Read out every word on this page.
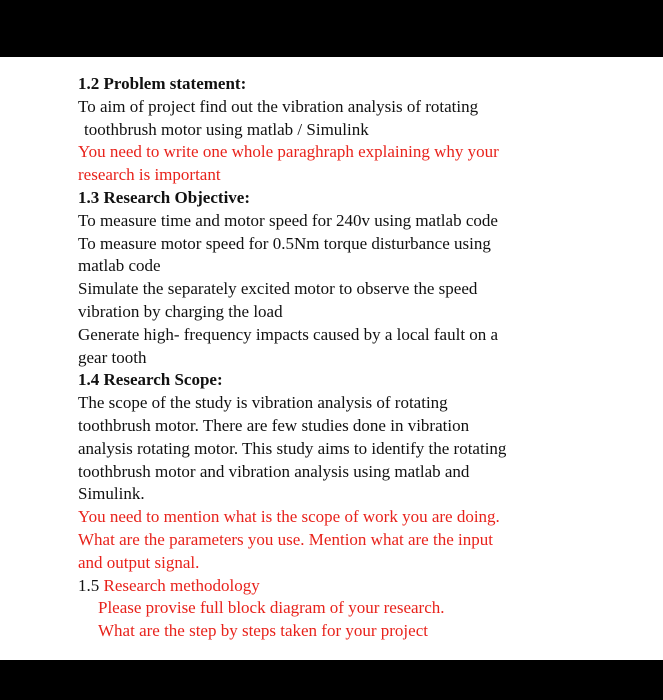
1.2 Problem statement:
To aim of project find out the vibration analysis of rotating
toothbrush motor using matlab / Simulink
You need to write one whole paraghraph explaining why your
research is important
1.3 Research Objective:
To measure time and motor speed for 240v using matlab code
To measure motor speed for 0.5Nm torque disturbance using
matlab code
Simulate the separately excited motor to observe the speed
vibration by charging the load
Generate high- frequency impacts caused by a local fault on a
gear tooth
1.4 Research Scope:
The scope of the study is vibration analysis of rotating
toothbrush motor. There are few studies done in vibration
analysis rotating motor. This study aims to identify the rotating
toothbrush motor and vibration analysis using matlab and
Simulink.
You need to mention what is the scope of work you are doing.
What are the parameters you use. Mention what are the input
and output signal.
1.5 Research methodology
Please provise full block diagram of your research.
What are the step by steps taken for your project
